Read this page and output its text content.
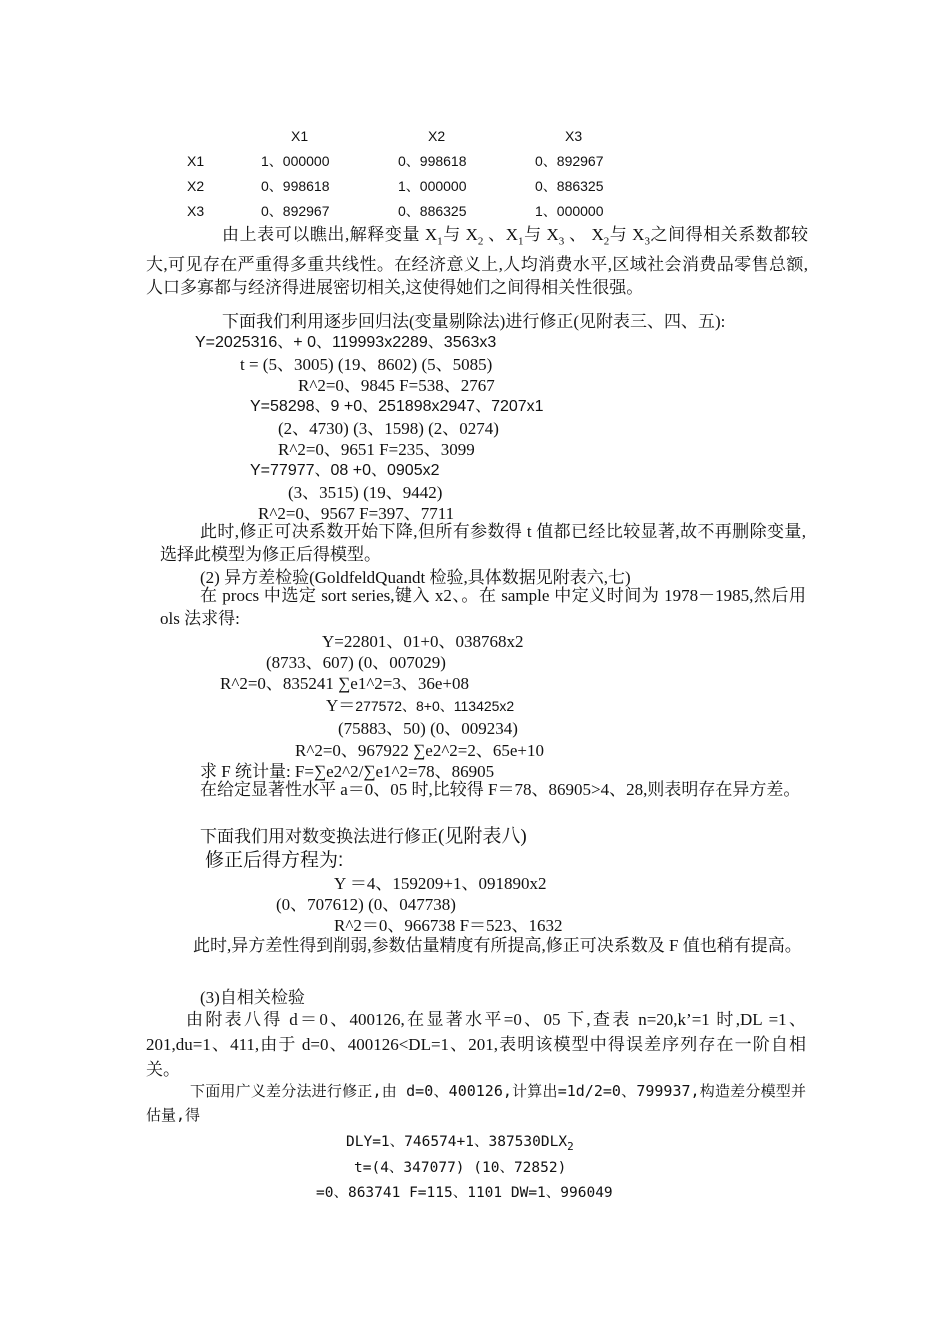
	X1	X2	X3
X1	1、000000	0、998618	0、892967
X2	0、998618	1、000000	0、886325
X3	0、892967	0、886325	1、000000
由上表可以瞧出,解释变量 $X_1$与 $X_2$ 、$X_1$与 $X_3$ 、 $X_2$与 $X_3$之间得相关系数都较大,可见存在严重得多重共线性。在经济意义上,人均消费水平,区域社会消费品零售总额,人口多寡都与经济得进展密切相关,这使得她们之间得相关性很强。
下面我们利用逐步回归法(变量剔除法)进行修正(见附表三、四、五):
Y=2025316、+ 0、119993x2289、3563x3
t = (5、3005) (19、8602) (5、5085)
R^2=0、9845 F=538、2767
Y=58298、9 +0、251898x2947、7207x1
(2、4730) (3、1598) (2、0274)
R^2=0、9651 F=235、3099
Y=77977、08 +0、0905x2
(3、3515) (19、9442)
R^2=0、9567 F=397、7711
此时,修正可决系数开始下降,但所有参数得 t 值都已经比较显著,故不再删除变量,选择此模型为修正后得模型。
(2) 异方差检验(GoldfeldQuandt 检验,具体数据见附表六,七)
在 procs 中选定 sort series,键入 x2、。在 sample 中定义时间为 1978－1985,然后用 ols 法求得:
Y=22801、01+0、038768x2
(8733、607) (0、007029)
R^2=0、835241 ∑e1^2=3、36e+08
Y＝277572、8+0、113425x2
(75883、50) (0、009234)
R^2=0、967922 ∑e2^2=2、65e+10
求 F 统计量: F=∑e2^2/∑e1^2=78、86905
在给定显著性水平 a＝0、05 时,比较得 F＝78、86905>4、28,则表明存在异方差。
下面我们用对数变换法进行修正(见附表八)
修正后得方程为:
Y ＝4、159209+1、091890x2
(0、707612) (0、047738)
R^2＝0、966738 F＝523、1632
此时,异方差性得到削弱,参数估量精度有所提高,修正可决系数及 F 值也稍有提高。
(3)自相关检验
由附表八得 d＝0、400126,在显著水平=0、05 下,查表 n=20,k’=1 时,DL =1、201,du=1、411,由于 d=0、400126<DL=1、201,表明该模型中得误差序列存在一阶自相关。
下面用广义差分法进行修正,由 d=0、400126,计算出=1d/2=0、799937,构造差分模型并估量,得
DLY=1、746574+1、$387530DLX_2$
t=(4、347077) (10、72852)
=0、863741 F=115、1101 DW=1、996049
